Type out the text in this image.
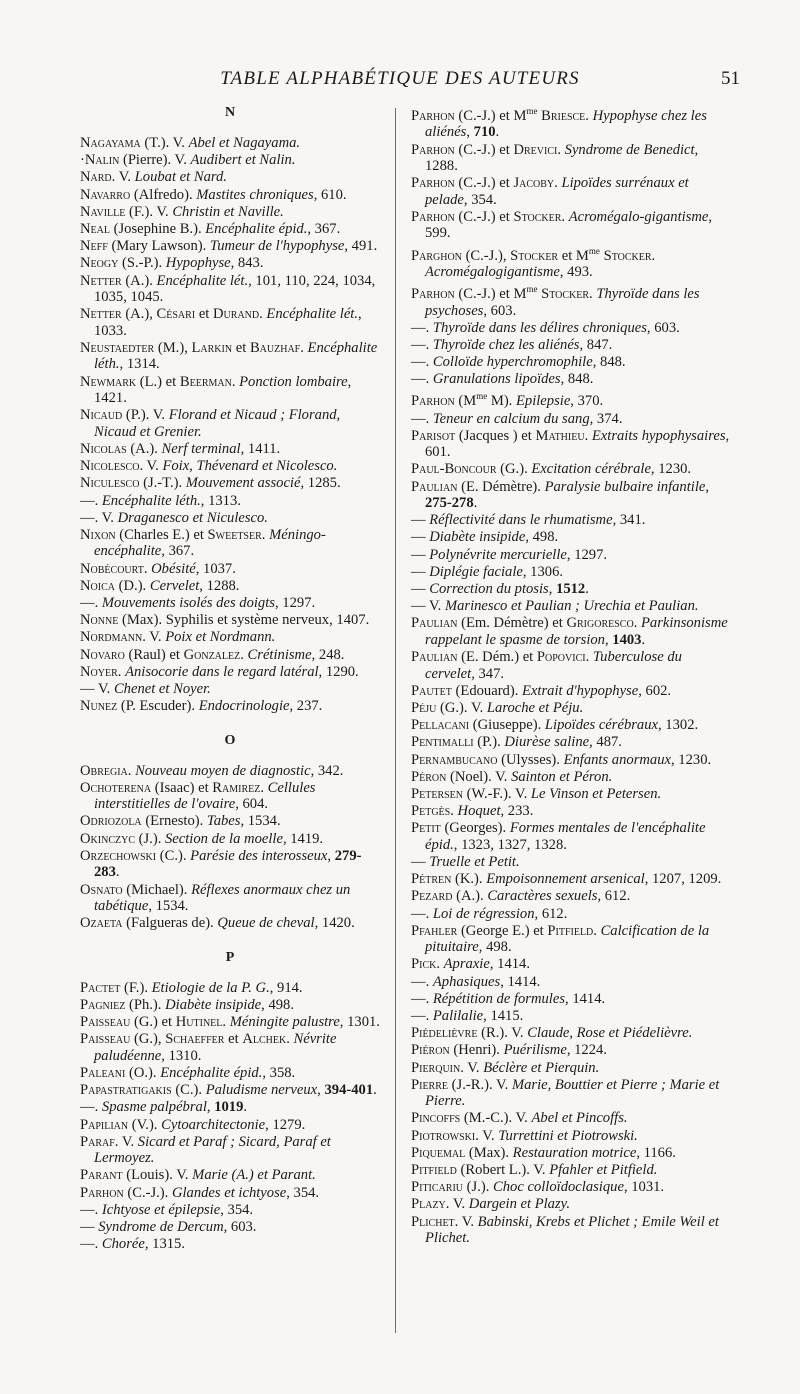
TABLE ALPHABÉTIQUE DES AUTEURS	51
N
Nagayama (T.). V. Abel et Nagayama.
·Nalin (Pierre). V. Audibert et Nalin.
Nard. V. Loubat et Nard.
Navarro (Alfredo). Mastites chroniques, 610.
Naville (F.). V. Christin et Naville.
Neal (Josephine B.). Encéphalite épid., 367.
Neff (Mary Lawson). Tumeur de l'hypophyse, 491.
Neogy (S.-P.). Hypophyse, 843.
Netter (A.). Encéphalite lét., 101, 110, 224, 1034, 1035, 1045.
Netter (A.), Césari et Durand. Encéphalite lét., 1033.
Neustaedter (M.), Larkin et Bauzhaf. Encéphalite léth., 1314.
Newmark (L.) et Beerman. Ponction lombaire, 1421.
Nicaud (P.). V. Florand et Nicaud ; Florand, Nicaud et Grenier.
Nicolas (A.). Nerf terminal, 1411.
Nicolesco. V. Foix, Thévenard et Nicolesco.
Niculesco (J.-T.). Mouvement associé, 1285.
—. Encéphalite léth., 1313.
—. V. Draganesco et Niculesco.
Nixon (Charles E.) et Sweetser. Méningo-encéphalite, 367.
Nobécourt. Obésité, 1037.
Noica (D.). Cervelet, 1288.
—. Mouvements isolés des doigts, 1297.
Nonne (Max). Syphilis et système nerveux, 1407.
Nordmann. V. Poix et Nordmann.
Novaro (Raul) et Gonzalez. Crétinisme, 248.
Noyer. Anisocorie dans le regard latéral, 1290.
— V. Chenet et Noyer.
Nunez (P. Escuder). Endocrinologie, 237.
O
Obregia. Nouveau moyen de diagnostic, 342.
Ochoterena (Isaac) et Ramirez. Cellules interstitielles de l'ovaire, 604.
Odriozola (Ernesto). Tabes, 1534.
Okinczyc (J.). Section de la moelle, 1419.
Orzechowski (C.). Parésie des interosseux, 279-283.
Osnato (Michael). Réflexes anormaux chez un tabétique, 1534.
Ozaeta (Falgueras de). Queue de cheval, 1420.
P
Pactet (F.). Etiologie de la P. G., 914.
Pagniez (Ph.). Diabète insipide, 498.
Paisseau (G.) et Hutinel. Méningite palustre, 1301.
Paisseau (G.), Schaeffer et Alchek. Névrite paludéenne, 1310.
Paleani (O.). Encéphalite épid., 358.
Papastratigakis (C.). Paludisme nerveux, 394-401.
—. Spasme palpébral, 1019.
Papilian (V.). Cytoarchitectonie, 1279.
Paraf. V. Sicard et Paraf ; Sicard, Paraf et Lermoyez.
Parant (Louis). V. Marie (A.) et Parant.
Parhon (C.-J.). Glandes et ichtyose, 354.
—. Ichtyose et épilepsie, 354.
— Syndrome de Dercum, 603.
—. Chorée, 1315.
Parhon (C.-J.) et $M^{me}$ Briesce. Hypophyse chez les aliénés, 710.
Parhon (C.-J.) et Drevici. Syndrome de Benedict, 1288.
Parhon (C.-J.) et Jacoby. Lipoïdes surrénaux et pelade, 354.
Parhon (C.-J.) et Stocker. Acromégalo-gigantisme, 599.
Parghon (C.-J.), Stocker et $M^{me}$ Stocker. Acromégalogigantisme, 493.
Parhon (C.-J.) et $M^{me}$ Stocker. Thyroïde dans les psychoses, 603.
—. Thyroïde dans les délires chroniques, 603.
—. Thyroïde chez les aliénés, 847.
—. Colloïde hyperchromophile, 848.
—. Granulations lipoïdes, 848.
Parhon ($M^{me}$ M). Epilepsie, 370.
—. Teneur en calcium du sang, 374.
Parisot (Jacques ) et Mathieu. Extraits hypophysaires, 601.
Paul-Boncour (G.). Excitation cérébrale, 1230.
Paulian (E. Démètre). Paralysie bulbaire infantile, 275-278.
— Réflectivité dans le rhumatisme, 341.
— Diabète insipide, 498.
— Polynévrite mercurielle, 1297.
— Diplégie faciale, 1306.
— Correction du ptosis, 1512.
— V. Marinesco et Paulian ; Urechia et Paulian.
Paulian (Em. Démètre) et Grigoresco. Parkinsonisme rappelant le spasme de torsion, 1403.
Paulian (E. Dém.) et Popovici. Tuberculose du cervelet, 347.
Pautet (Edouard). Extrait d'hypophyse, 602.
Péju (G.). V. Laroche et Péju.
Pellacani (Giuseppe). Lipoïdes cérébraux, 1302.
Pentimalli (P.). Diurèse saline, 487.
Pernambucano (Ulysses). Enfants anormaux, 1230.
Péron (Noel). V. Sainton et Péron.
Petersen (W.-F.). V. Le Vinson et Petersen.
Petgès. Hoquet, 233.
Petit (Georges). Formes mentales de l'encéphalite épid., 1323, 1327, 1328.
— Truelle et Petit.
Pétren (K.). Empoisonnement arsenical, 1207, 1209.
Pezard (A.). Caractères sexuels, 612.
—. Loi de régression, 612.
Pfahler (George E.) et Pitfield. Calcification de la pituitaire, 498.
Pick. Apraxie, 1414.
—. Aphasiques, 1414.
—. Répétition de formules, 1414.
—. Palilalie, 1415.
Piédelièvre (R.). V. Claude, Rose et Piédelièvre.
Piéron (Henri). Puérilisme, 1224.
Pierquin. V. Béclère et Pierquin.
Pierre (J.-R.). V. Marie, Bouttier et Pierre ; Marie et Pierre.
Pincoffs (M.-C.). V. Abel et Pincoffs.
Piotrowski. V. Turrettini et Piotrowski.
Piquemal (Max). Restauration motrice, 1166.
Pitfield (Robert L.). V. Pfahler et Pitfield.
Piticariu (J.). Choc colloïdoclasique, 1031.
Plazy. V. Dargein et Plazy.
Plichet. V. Babinski, Krebs et Plichet ; Emile Weil et Plichet.
